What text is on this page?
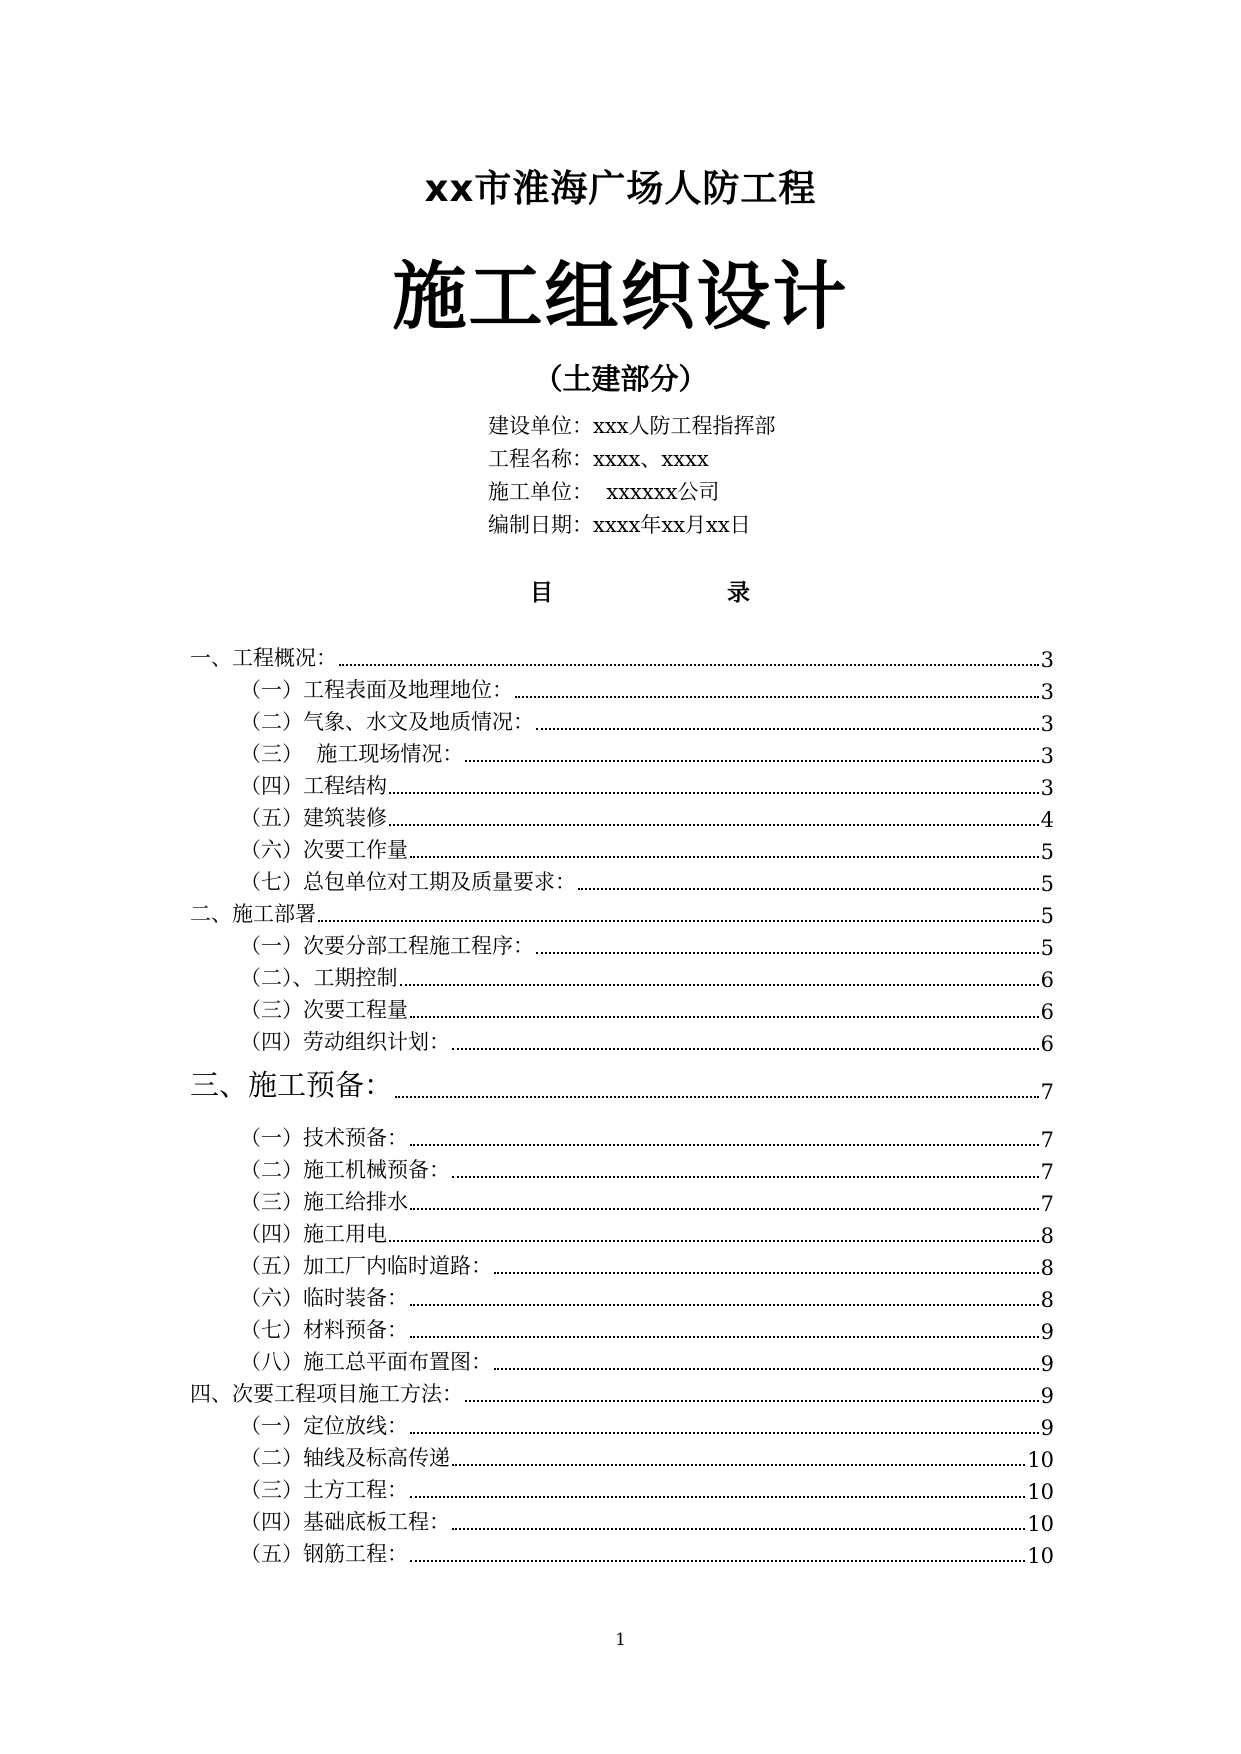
xx市淮海广场人防工程
施工组织设计
（土建部分）
建设单位： xxx人防工程指挥部
工程名称： xxxx、xxxx
施工单位： xxxxxx公司
编制日期： xxxx年xx月xx日
目	录
一、工程概况：	3
（一）工程表面及地理地位：	3
（二）气象、水文及地质情况：	3
（三）  施工现场情况：	3
（四）工程结构	3
（五）建筑装修	4
（六）次要工作量	5
（七）总包单位对工期及质量要求：	5
二、施工部署	5
（一）次要分部工程施工程序：	5
（二）、工期控制	6
（三）次要工程量	6
（四）劳动组织计划：	6
三、施工预备：	7
（一）技术预备：	7
（二）施工机械预备：	7
（三）施工给排水	7
（四）施工用电	8
（五）加工厂内临时道路：	8
（六）临时装备：	8
（七）材料预备：	9
（八）施工总平面布置图：	9
四、次要工程项目施工方法：	9
（一）定位放线：	9
（二）轴线及标高传递	10
（三）土方工程：	10
（四）基础底板工程：	10
（五）钢筋工程：	10
1
